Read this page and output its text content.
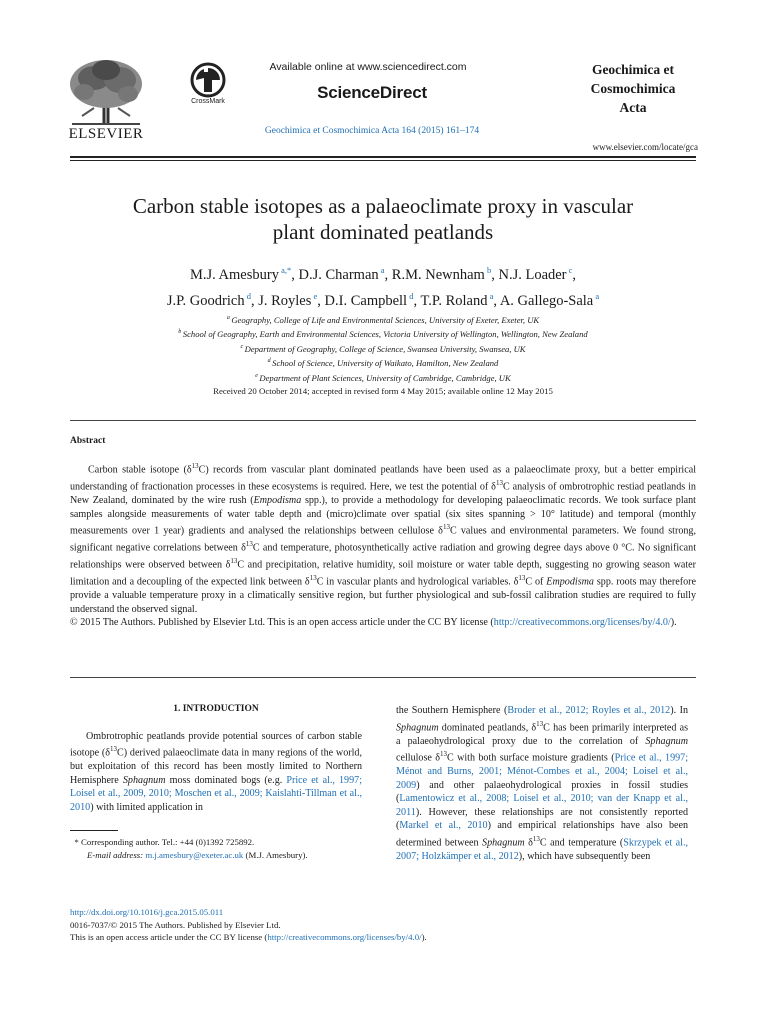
ELSEVIER
CrossMark
Available online at www.sciencedirect.com
ScienceDirect
Geochimica et Cosmochimica Acta 164 (2015) 161–174
Geochimica et
Cosmochimica
Acta
www.elsevier.com/locate/gca
Carbon stable isotopes as a palaeoclimate proxy in vascular
plant dominated peatlands
M.J. Amesbury $^{a,*}$, D.J. Charman $^a$, R.M. Newnham $^b$, N.J. Loader $^c$,
J.P. Goodrich $^d$, J. Royles $^e$, D.I. Campbell $^d$, T.P. Roland $^a$, A. Gallego-Sala $^a$
$^a$ Geography, College of Life and Environmental Sciences, University of Exeter, Exeter, UK
$^b$ School of Geography, Earth and Environmental Sciences, Victoria University of Wellington, Wellington, New Zealand
$^c$ Department of Geography, College of Science, Swansea University, Swansea, UK
$^d$ School of Science, University of Waikato, Hamilton, New Zealand
$^e$ Department of Plant Sciences, University of Cambridge, Cambridge, UK
Received 20 October 2014; accepted in revised form 4 May 2015; available online 12 May 2015
Abstract

Carbon stable isotope $(\delta^{13}C)$ records from vascular plant dominated peatlands have been used as a palaeoclimate proxy, but a better empirical understanding of fractionation processes in these ecosystems is required. Here, we test the potential of $\delta^{13}C$ analysis of ombrotrophic restiad peatlands in New Zealand, dominated by the wire rush (Empodisma spp.), to provide a methodology for developing palaeoclimatic records. We took surface plant samples alongside measurements of water table depth and (micro)climate over spatial (six sites spanning > 10° latitude) and temporal (monthly measurements over 1 year) gradients and analysed the relationships between cellulose $\delta^{13}C$ values and environmental parameters. We found strong, significant negative correlations between $\delta^{13}C$ and temperature, photosynthetically active radiation and growing degree days above 0 °C. No significant relationships were observed between $\delta^{13}C$ and precipitation, relative humidity, soil moisture or water table depth, suggesting no growing season water limitation and a decoupling of the expected link between $\delta^{13}C$ in vascular plants and hydrological variables. $\delta^{13}C$ of Empodisma spp. roots may therefore provide a valuable temperature proxy in a climatically sensitive region, but further physiological and sub-fossil calibration studies are required to fully understand the observed signal.

© 2015 The Authors. Published by Elsevier Ltd. This is an open access article under the CC BY license (http://creativecommons.org/licenses/by/4.0/).

1. INTRODUCTION

Ombrotrophic peatlands provide potential sources of carbon stable isotope $(\delta^{13}C)$ derived palaeoclimate data in many regions of the world, but exploitation of this record has been mostly limited to Northern Hemisphere Sphagnum moss dominated bogs (e.g. Price et al., 1997; Loisel et al., 2009, 2010; Moschen et al., 2009; Kaislahti-Tillman et al., 2010) with limited application in

the Southern Hemisphere (Broder et al., 2012; Royles et al., 2012). In Sphagnum dominated peatlands, $\delta^{13}C$ has been primarily interpreted as a palaeohydrological proxy due to the correlation of Sphagnum cellulose $\delta^{13}C$ with both surface moisture gradients (Price et al., 1997; Ménot and Burns, 2001; Ménot-Combes et al., 2004; Loisel et al., 2009) and other palaeohydrological proxies in fossil studies (Lamentowicz et al., 2008; Loisel et al., 2010; van der Knapp et al., 2011). However, these relationships are not consistently reported (Markel et al., 2010) and empirical relationships have also been determined between Sphagnum $\delta^{13}C$ and temperature (Skrzypek et al., 2007; Holzkämper et al., 2012), which have subsequently been

* Corresponding author. Tel.: +44 (0)1392 725892.
E-mail address: m.j.amesbury@exeter.ac.uk (M.J. Amesbury).
http://dx.doi.org/10.1016/j.gca.2015.05.011
0016-7037/© 2015 The Authors. Published by Elsevier Ltd.
This is an open access article under the CC BY license (http://creativecommons.org/licenses/by/4.0/).
